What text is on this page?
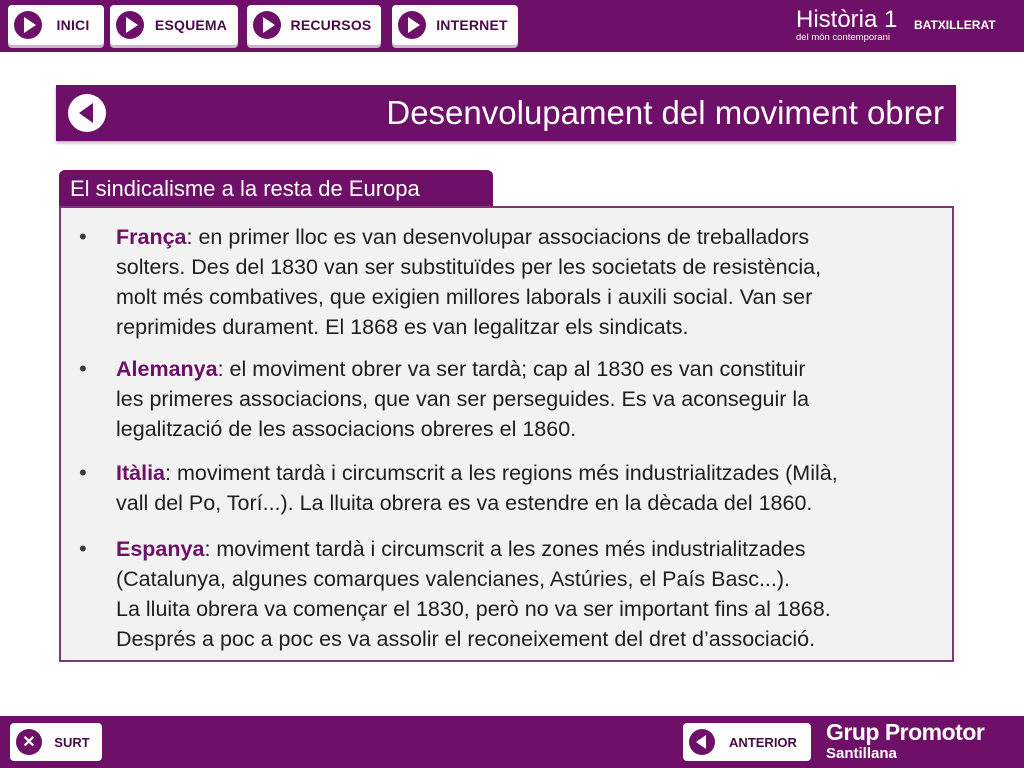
INICI	ESQUEMA	RECURSOS	INTERNET	Història 1 BATXILLERAT
del món contemporani
Desenvolupament del moviment obrer
El sindicalisme a la resta de Europa
• França: en primer lloc es van desenvolupar associacions de treballadors
solters. Des del 1830 van ser substituïdes per les societats de resistència,
molt més combatives, que exigien millores laborals i auxili social. Van ser
reprimides durament. El 1868 es van legalitzar els sindicats.
• Alemanya: el moviment obrer va ser tardà; cap al 1830 es van constituir
les primeres associacions, que van ser perseguides. Es va aconseguir la
legalització de les associacions obreres el 1860.
• Itàlia: moviment tardà i circumscrit a les regions més industrialitzades (Milà,
vall del Po, Torí...). La lluita obrera es va estendre en la dècada del 1860.
• Espanya: moviment tardà i circumscrit a les zones més industrialitzades
(Catalunya, algunes comarques valencianes, Astúries, el País Basc...).
La lluita obrera va començar el 1830, però no va ser important fins al 1868.
Després a poc a poc es va assolir el reconeixement del dret d’associació.
✕	SURT	ANTERIOR	Grup Promotor
Santillana
